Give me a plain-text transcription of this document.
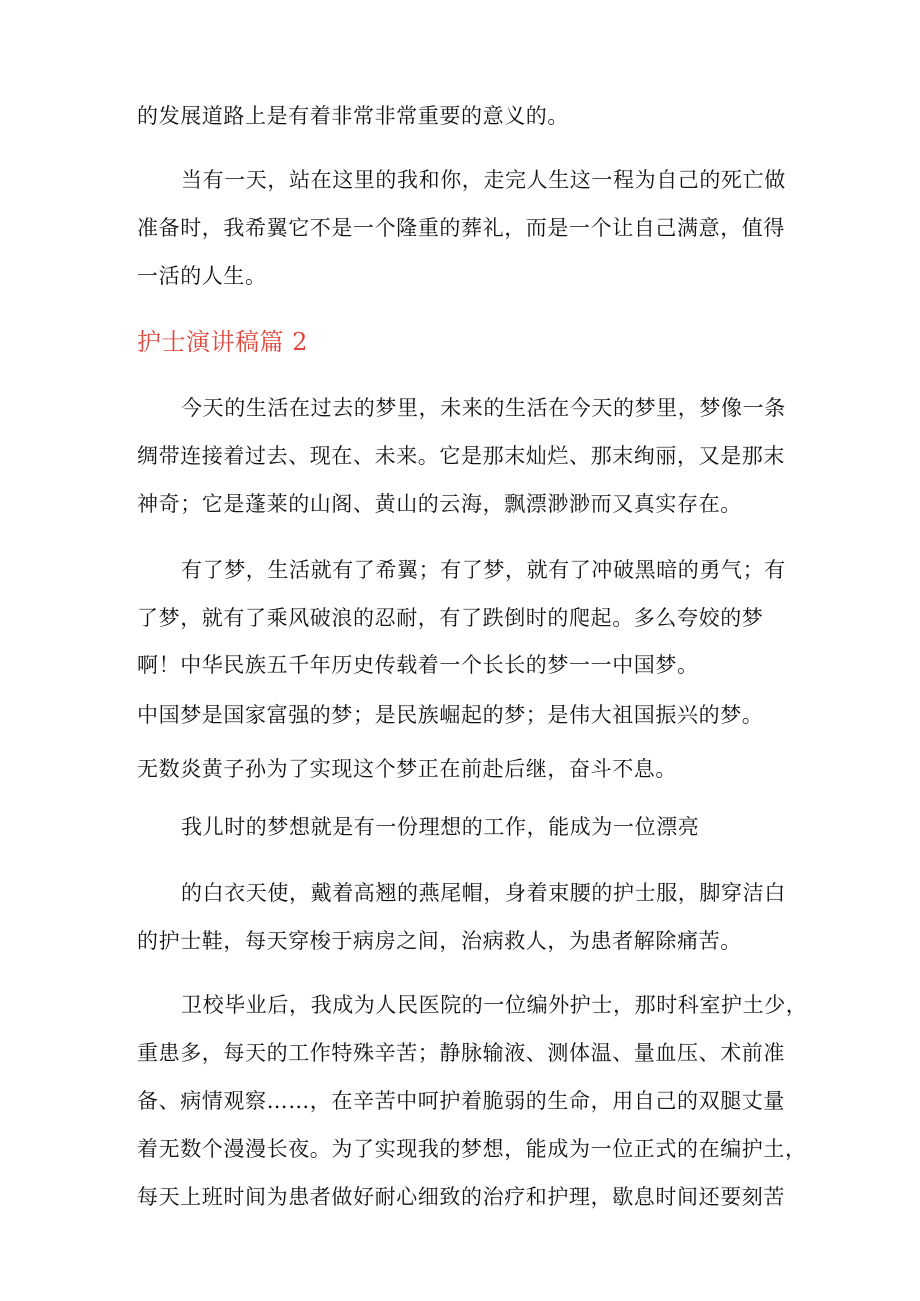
的发展道路上是有着非常非常重要的意义的。
当有一天，站在这里的我和你，走完人生这一程为自己的死亡做
准备时，我希翼它不是一个隆重的葬礼，而是一个让自己满意，值得
一活的人生。
护士演讲稿篇 2
今天的生活在过去的梦里，未来的生活在今天的梦里，梦像一条
绸带连接着过去、现在、未来。它是那末灿烂、那末绚丽，又是那末
神奇；它是蓬莱的山阁、黄山的云海，飘漂渺渺而又真实存在。
有了梦，生活就有了希翼；有了梦，就有了冲破黑暗的勇气；有
了梦，就有了乘风破浪的忍耐，有了跌倒时的爬起。多么夸姣的梦
啊！中华民族五千年历史传载着一个长长的梦一一中国梦。
中国梦是国家富强的梦；是民族崛起的梦；是伟大祖国振兴的梦。
无数炎黄子孙为了实现这个梦正在前赴后继，奋斗不息。
我儿时的梦想就是有一份理想的工作，能成为一位漂亮
的白衣天使，戴着高翘的燕尾帽，身着束腰的护士服，脚穿洁白
的护士鞋，每天穿梭于病房之间，治病救人，为患者解除痛苦。
卫校毕业后，我成为人民医院的一位编外护士，那时科室护土少，
重患多，每天的工作特殊辛苦；静脉输液、测体温、量血压、术前准
备、病情观察……，在辛苦中呵护着脆弱的生命，用自己的双腿丈量
着无数个漫漫长夜。为了实现我的梦想，能成为一位正式的在编护土，
每天上班时间为患者做好耐心细致的治疗和护理，歇息时间还要刻苦
